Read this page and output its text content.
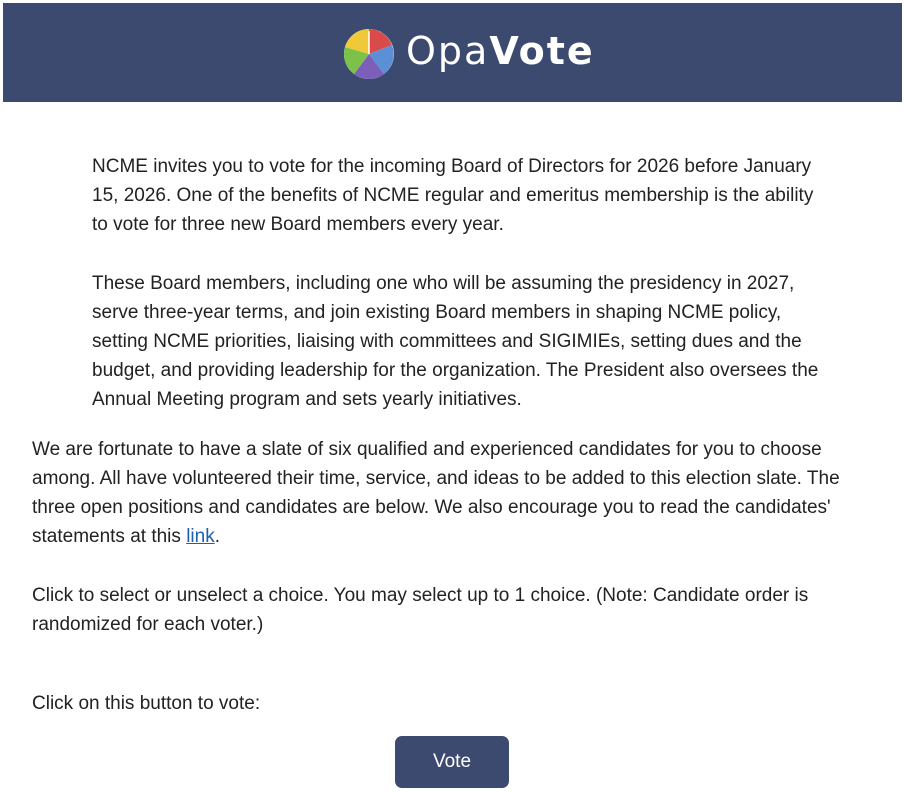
OpaVote
NCME invites you to vote for the incoming Board of Directors for 2026 before January 15, 2026. One of the benefits of NCME regular and emeritus membership is the ability to vote for three new Board members every year.
These Board members, including one who will be assuming the presidency in 2027, serve three-year terms, and join existing Board members in shaping NCME policy, setting NCME priorities, liaising with committees and SIGIMIEs, setting dues and the budget, and providing leadership for the organization. The President also oversees the Annual Meeting program and sets yearly initiatives.
We are fortunate to have a slate of six qualified and experienced candidates for you to choose among. All have volunteered their time, service, and ideas to be added to this election slate. The three open positions and candidates are below. We also encourage you to read the candidates' statements at this link.
Click to select or unselect a choice. You may select up to 1 choice. (Note: Candidate order is randomized for each voter.)
Click on this button to vote:
Vote
